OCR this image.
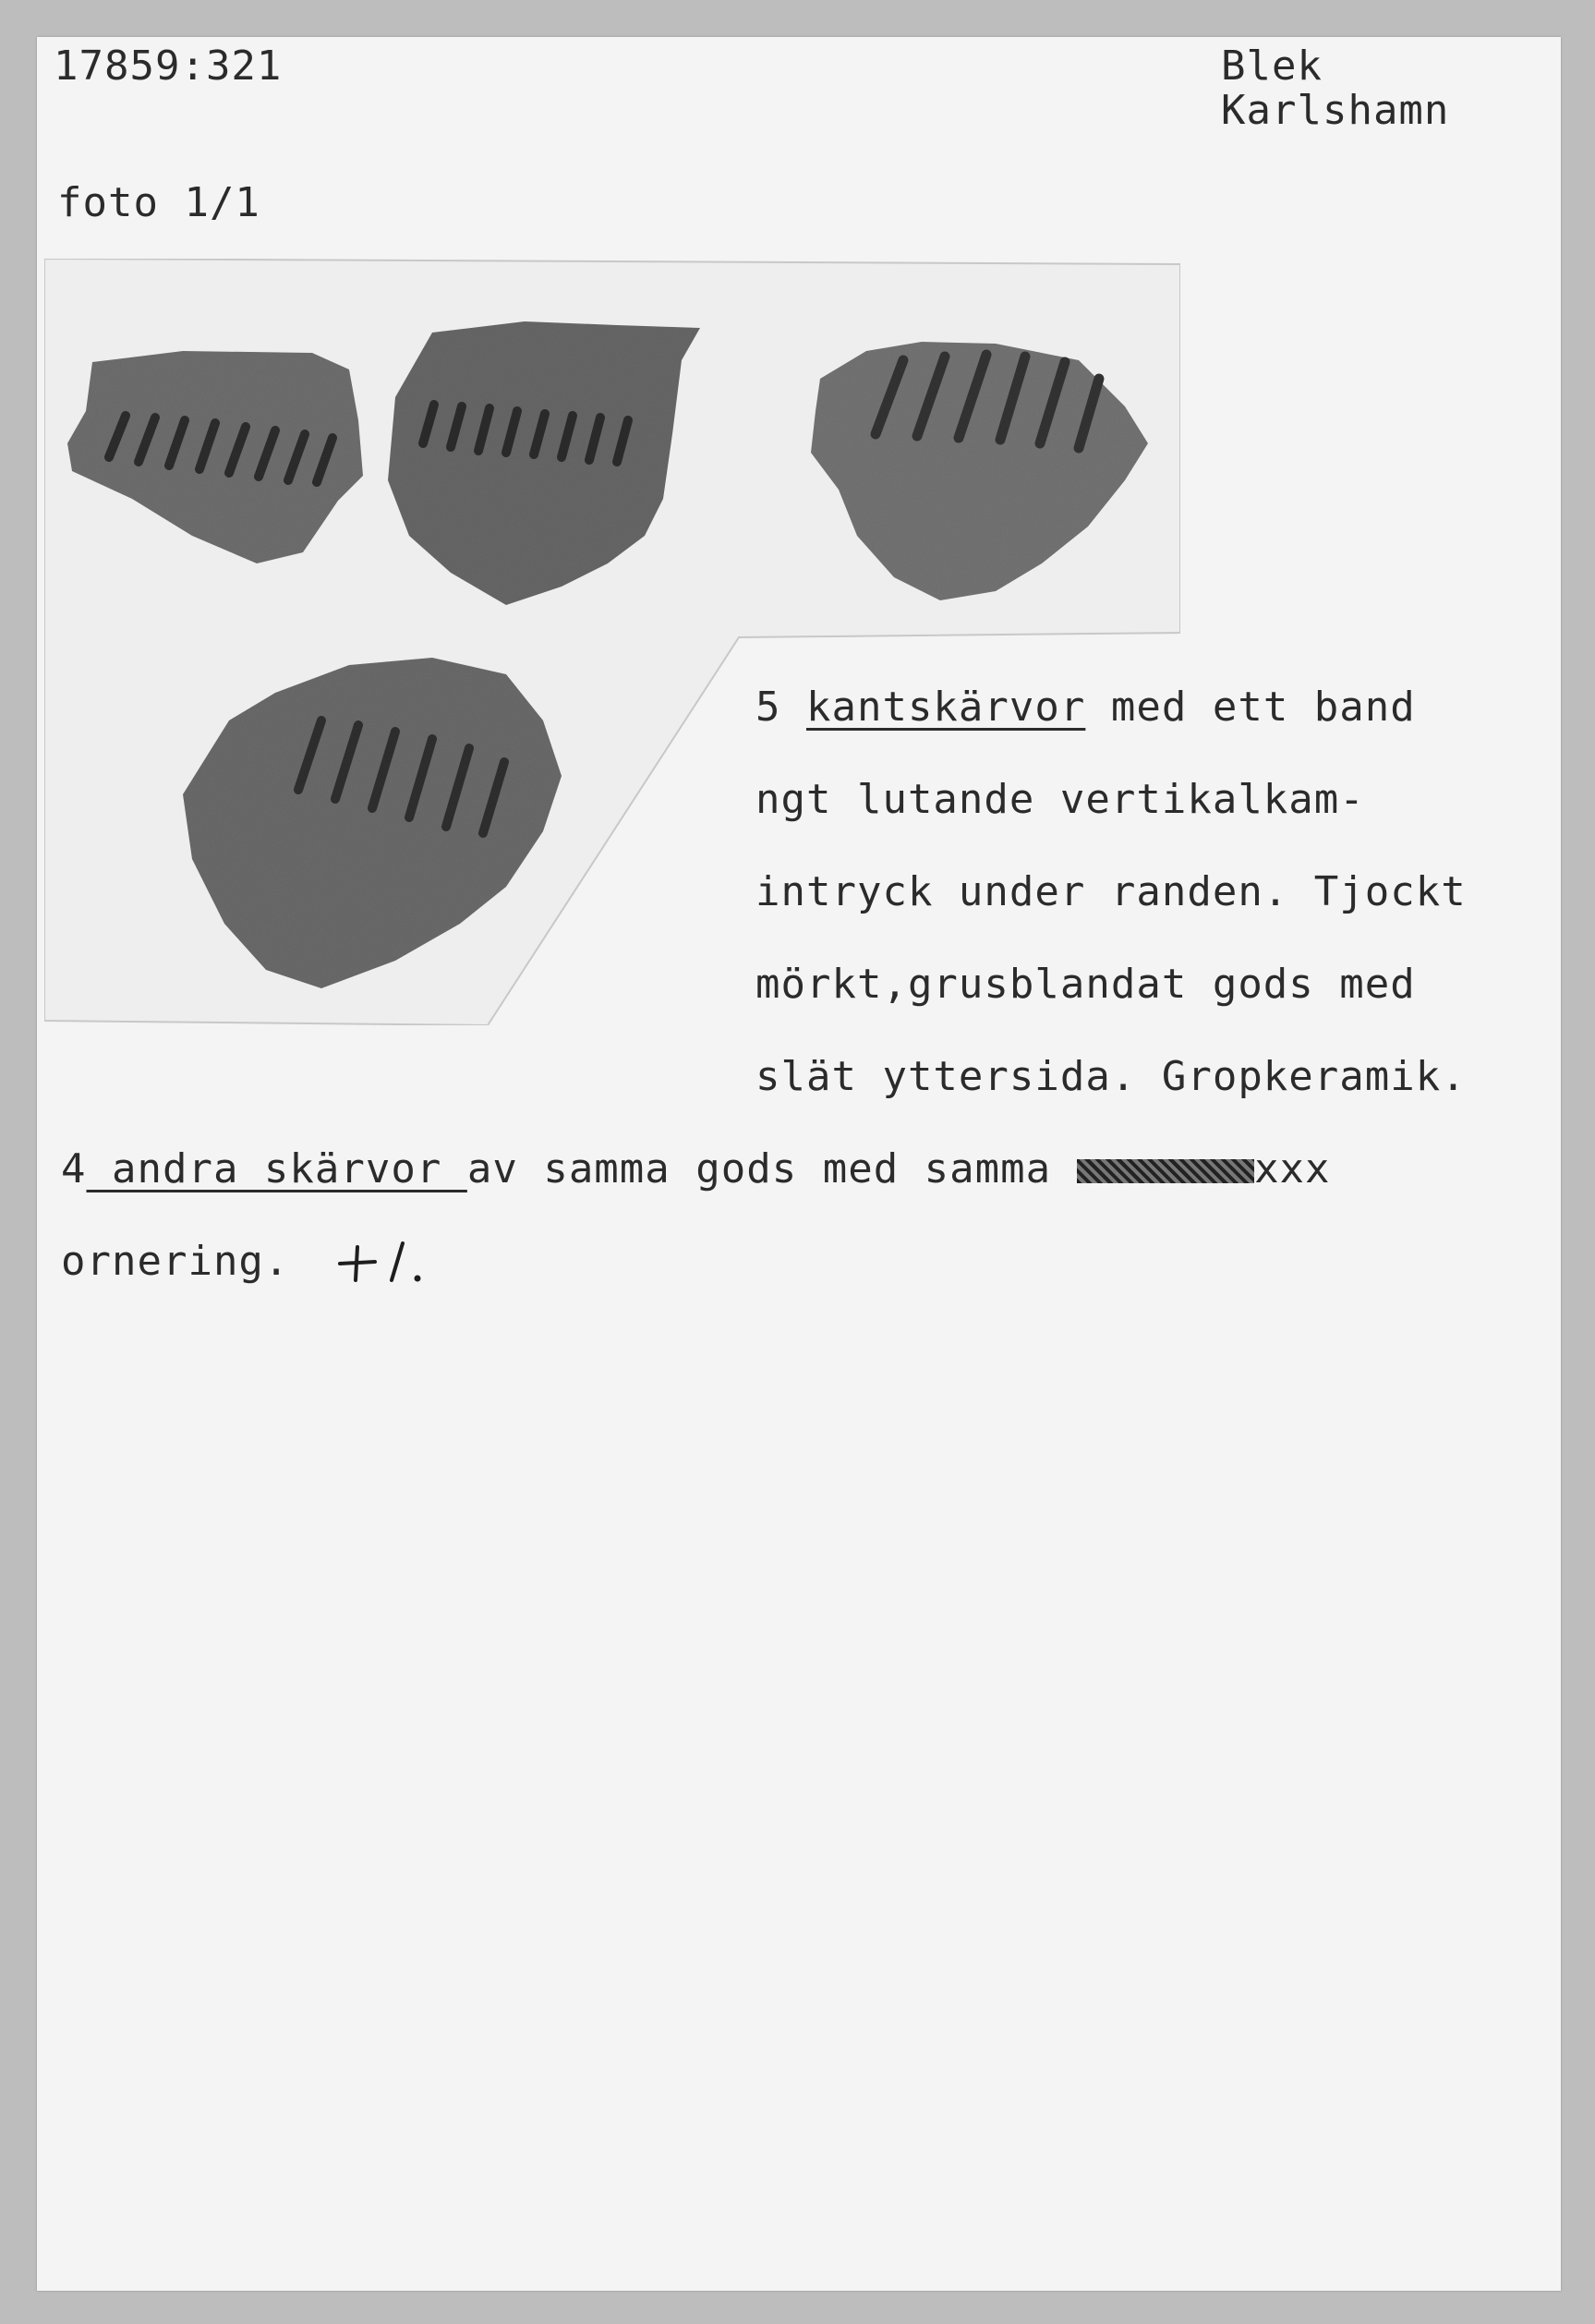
17859:321	Blek
Karlshamn
foto 1/1
5 kantskärvor med ett band
ngt lutande vertikalkam-
intryck under randen. Tjockt
mörkt,grusblandat gods med
slät yttersida. Gropkeramik.
4 andra skärvor av samma gods med samma	xxx
ornering.
